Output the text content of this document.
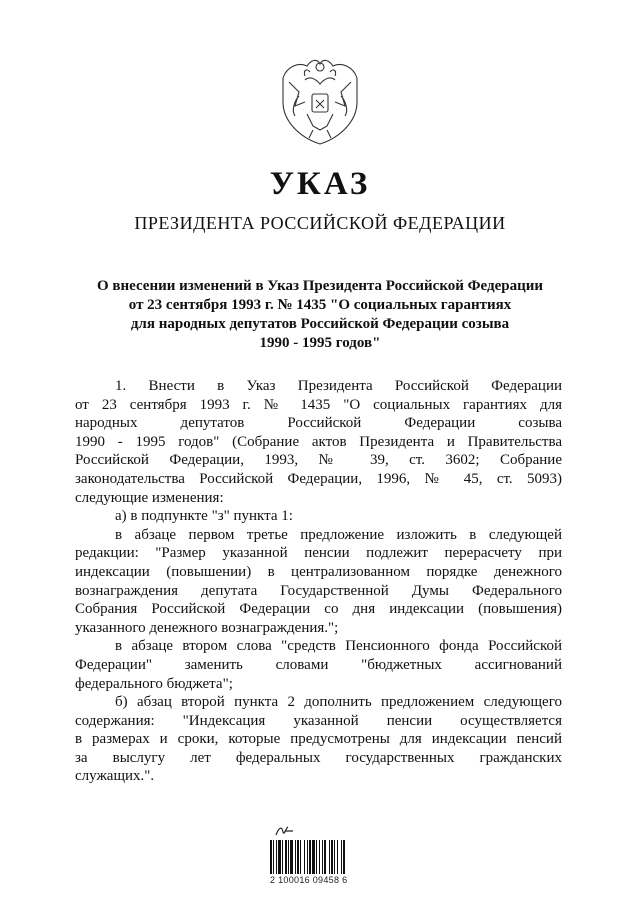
УКАЗ
ПРЕЗИДЕНТА РОССИЙСКОЙ ФЕДЕРАЦИИ
О внесении изменений в Указ Президента Российской Федерации
от 23 сентября 1993 г. № 1435 "О социальных гарантиях
для народных депутатов Российской Федерации созыва
1990 - 1995 годов"
1. Внести в Указ Президента Российской Федерации
от 23 сентября 1993 г. № 1435 "О социальных гарантиях для
народных депутатов Российской Федерации созыва
1990 - 1995 годов" (Собрание актов Президента и Правительства
Российской Федерации, 1993, № 39, ст. 3602; Собрание
законодательства Российской Федерации, 1996, № 45, ст. 5093)
следующие изменения:
а) в подпункте "з" пункта 1:
в абзаце первом третье предложение изложить в следующей
редакции: "Размер указанной пенсии подлежит перерасчету при
индексации (повышении) в централизованном порядке денежного
вознаграждения депутата Государственной Думы Федерального
Собрания Российской Федерации со дня индексации (повышения)
указанного денежного вознаграждения.";
в абзаце втором слова "средств Пенсионного фонда Российской
Федерации" заменить словами "бюджетных ассигнований
федерального бюджета";
б) абзац второй пункта 2 дополнить предложением следующего
содержания: "Индексация указанной пенсии осуществляется
в размерах и сроки, которые предусмотрены для индексации пенсий
за выслугу лет федеральных государственных гражданских
служащих.".
2 100016 09458 6
